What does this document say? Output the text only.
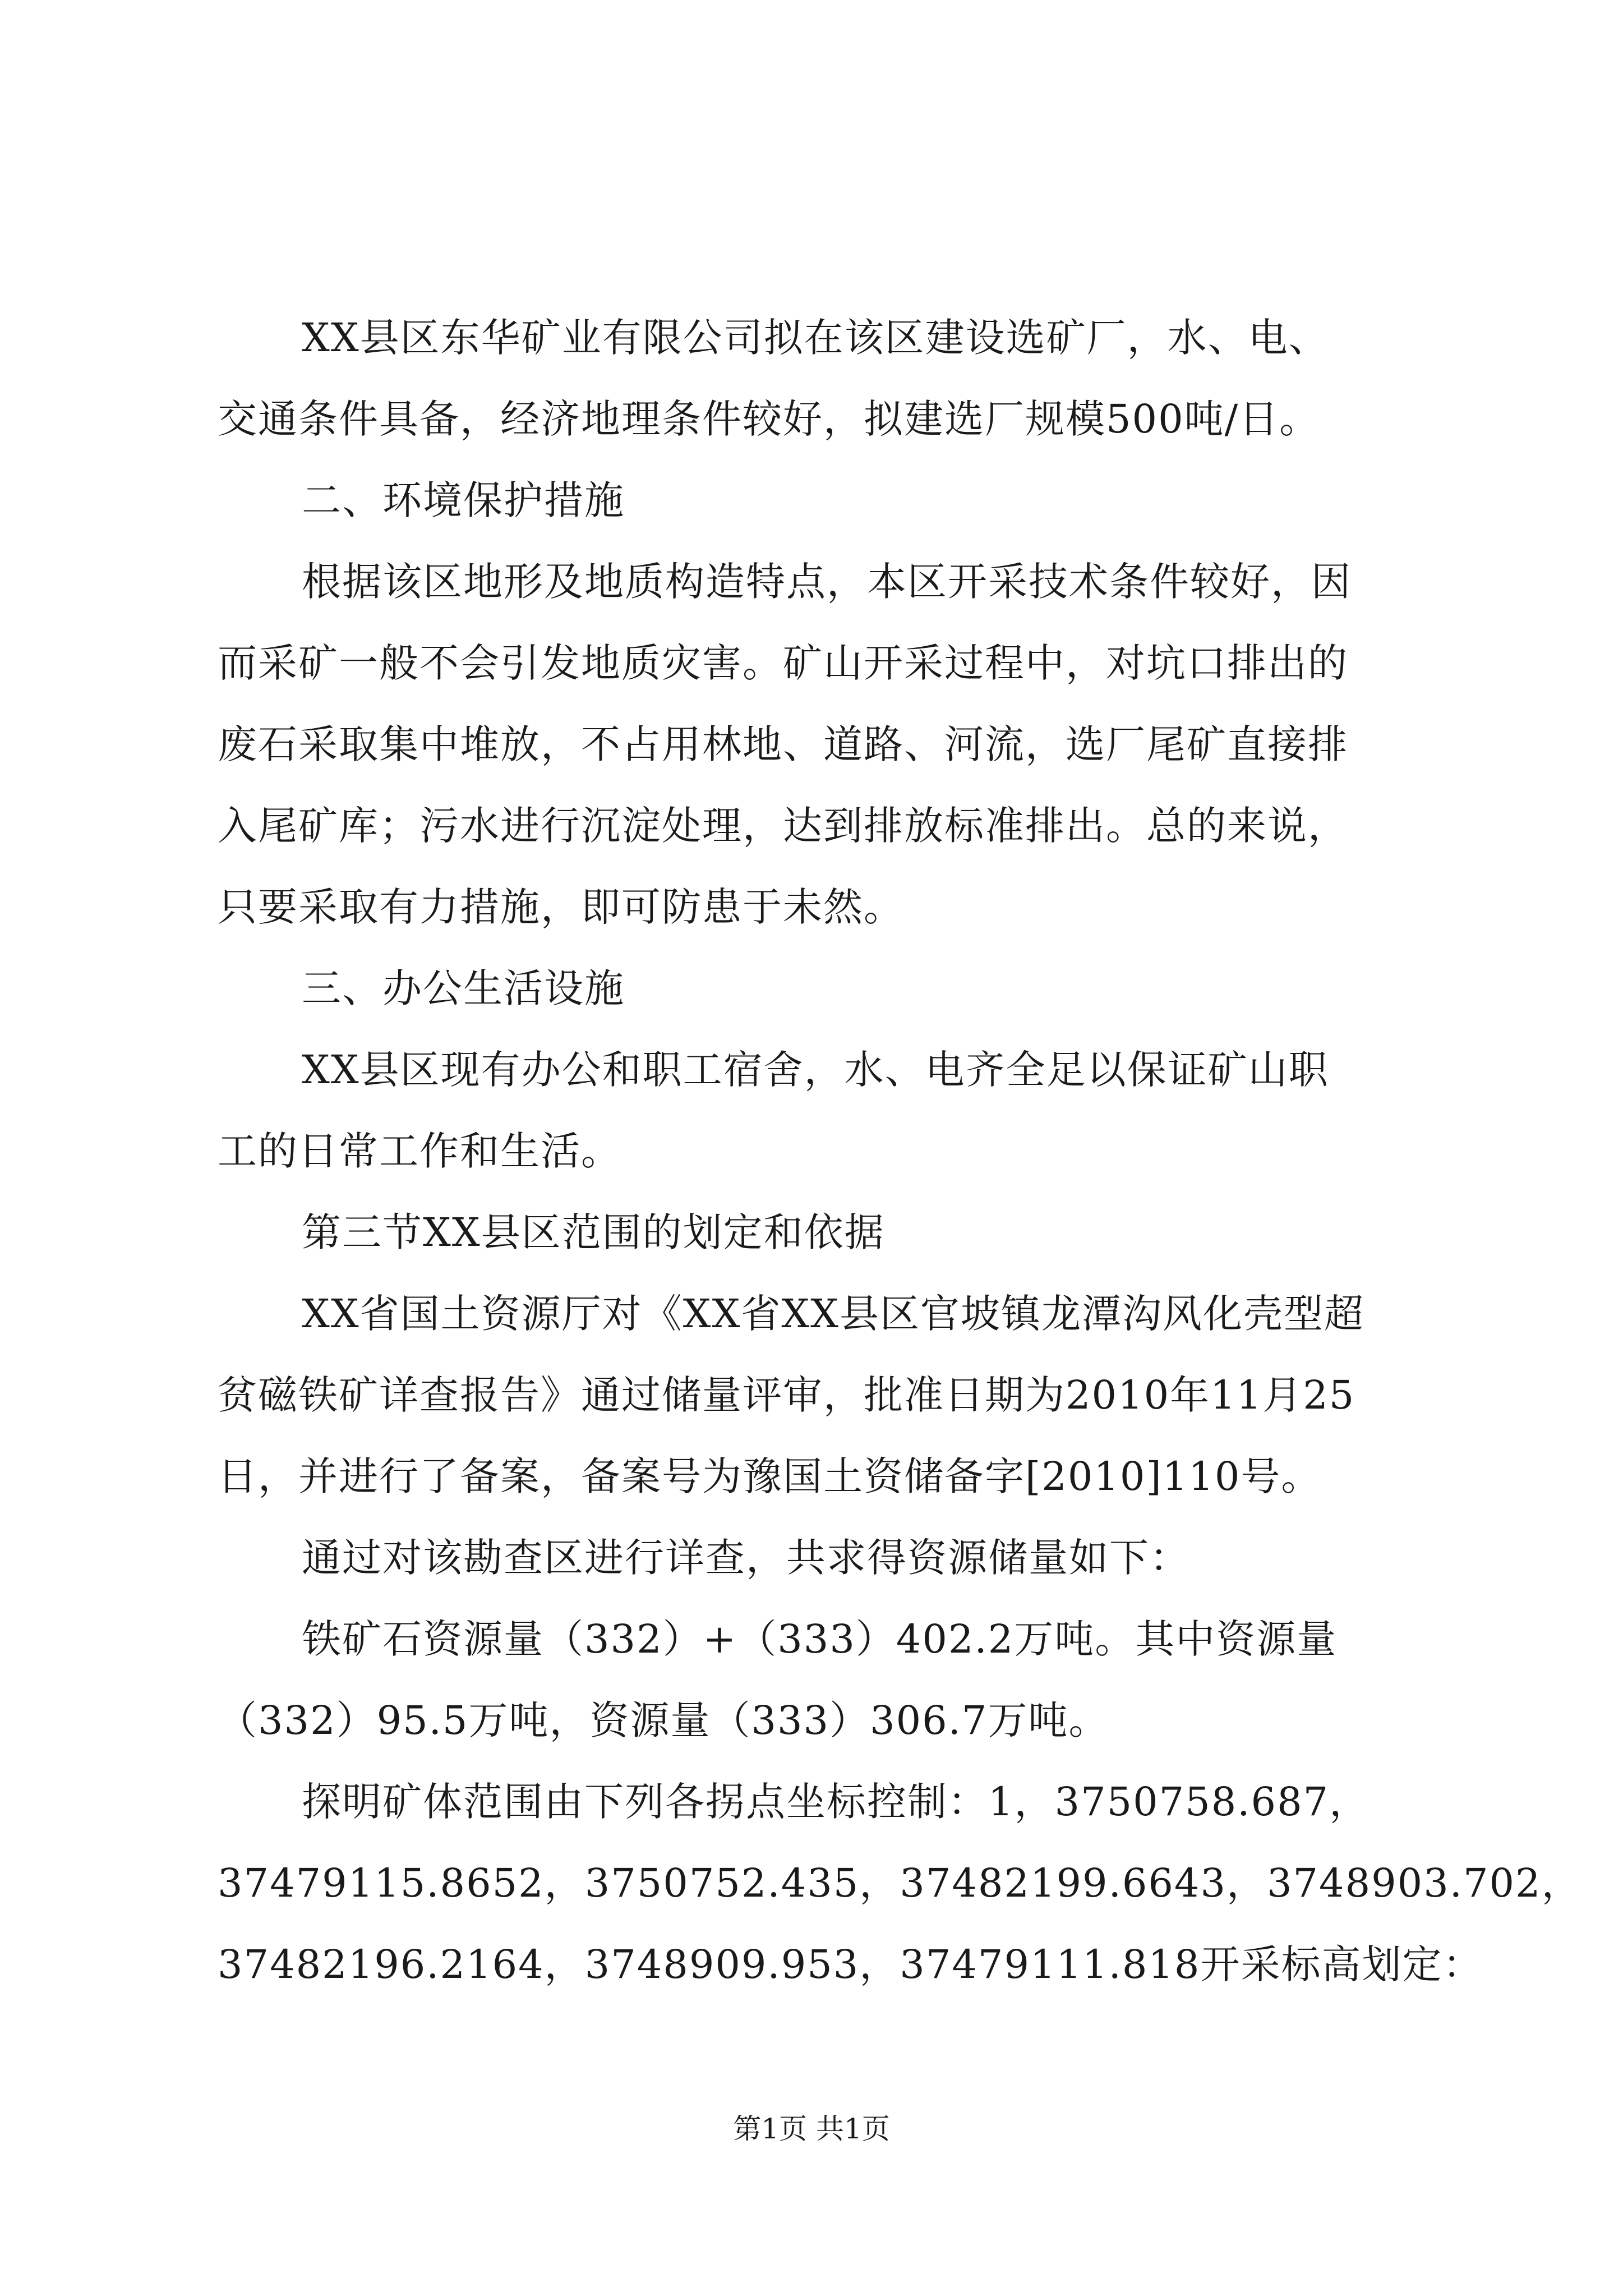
XX县区东华矿业有限公司拟在该区建设选矿厂，水、电、
交通条件具备，经济地理条件较好，拟建选厂规模500吨/日。
二、环境保护措施
根据该区地形及地质构造特点，本区开采技术条件较好，因
而采矿一般不会引发地质灾害。矿山开采过程中，对坑口排出的
废石采取集中堆放，不占用林地、道路、河流，选厂尾矿直接排
入尾矿库；污水进行沉淀处理，达到排放标准排出。总的来说，
只要采取有力措施，即可防患于未然。
三、办公生活设施
XX县区现有办公和职工宿舍，水、电齐全足以保证矿山职
工的日常工作和生活。
第三节XX县区范围的划定和依据
XX省国土资源厅对《XX省XX县区官坡镇龙潭沟风化壳型超
贫磁铁矿详查报告》通过储量评审，批准日期为2010年11月25
日，并进行了备案，备案号为豫国土资储备字[2010]110号。
通过对该勘查区进行详查，共求得资源储量如下：
铁矿石资源量（332）+（333）402.2万吨。其中资源量
（332）95.5万吨，资源量（333）306.7万吨。
探明矿体范围由下列各拐点坐标控制：1，3750758.687，
37479115.8652，3750752.435，37482199.6643，3748903.702，
37482196.2164，3748909.953，37479111.818开采标高划定：
第1页 共1页
